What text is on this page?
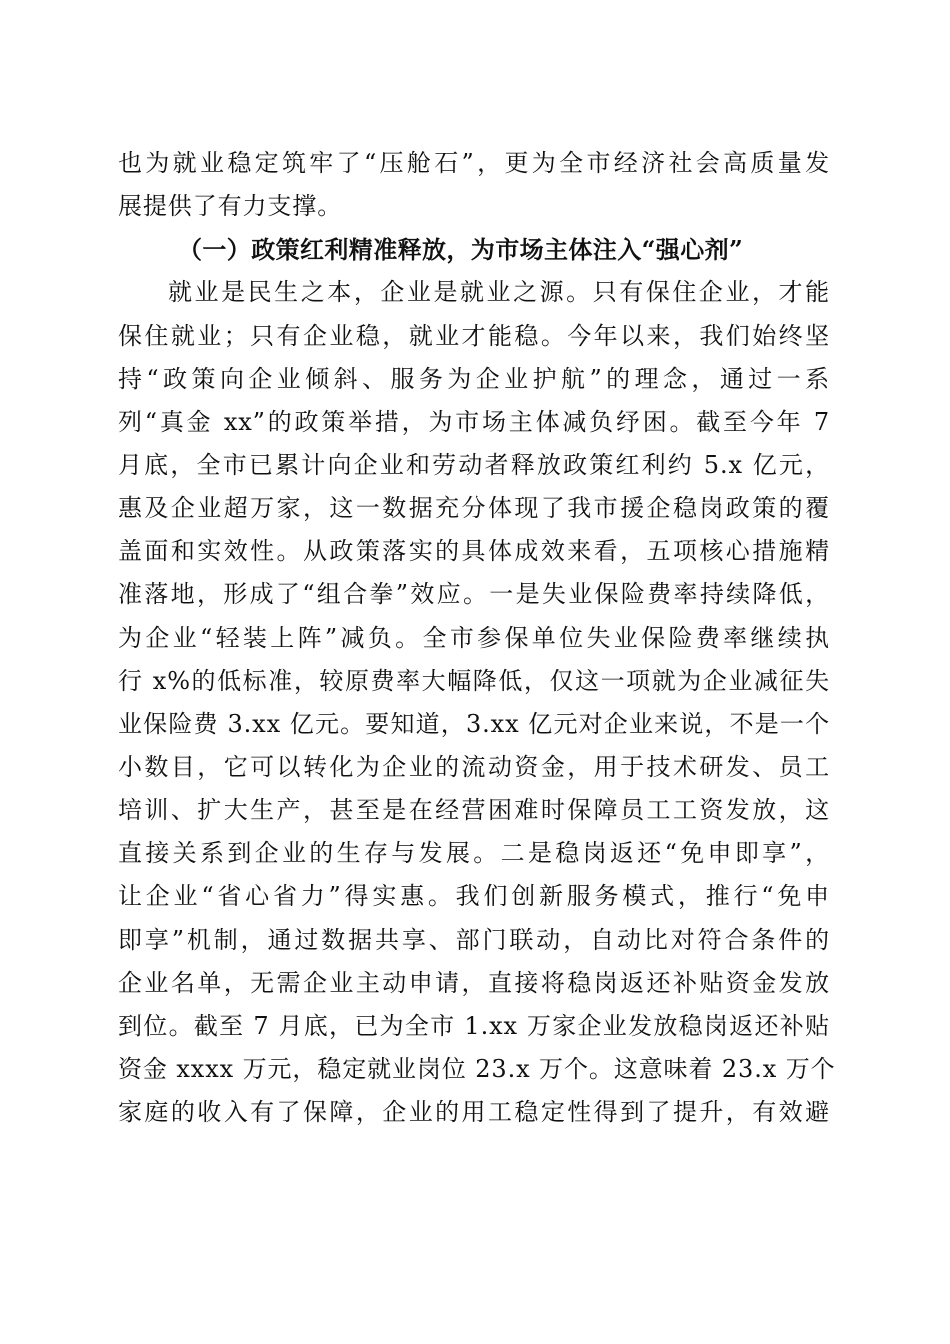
也为就业稳定筑牢了“压舱石”，更为全市经济社会高质量发
展提供了有力支撑。
（一）政策红利精准释放，为市场主体注入“强心剂”
就业是民生之本，企业是就业之源。只有保住企业，才能
保住就业；只有企业稳，就业才能稳。今年以来，我们始终坚
持“政策向企业倾斜、服务为企业护航”的理念，通过一系
列“真金 xx”的政策举措，为市场主体减负纾困。截至今年 7
月底，全市已累计向企业和劳动者释放政策红利约 5.x 亿元，
惠及企业超万家，这一数据充分体现了我市援企稳岗政策的覆
盖面和实效性。从政策落实的具体成效来看，五项核心措施精
准落地，形成了“组合拳”效应。一是失业保险费率持续降低，
为企业“轻装上阵”减负。全市参保单位失业保险费率继续执
行 x%的低标准，较原费率大幅降低，仅这一项就为企业减征失
业保险费 3.xx 亿元。要知道，3.xx 亿元对企业来说，不是一个
小数目，它可以转化为企业的流动资金，用于技术研发、员工
培训、扩大生产，甚至是在经营困难时保障员工工资发放，这
直接关系到企业的生存与发展。二是稳岗返还“免申即享”，
让企业“省心省力”得实惠。我们创新服务模式，推行“免申
即享”机制，通过数据共享、部门联动，自动比对符合条件的
企业名单，无需企业主动申请，直接将稳岗返还补贴资金发放
到位。截至 7 月底，已为全市 1.xx 万家企业发放稳岗返还补贴
资金 xxxx 万元，稳定就业岗位 23.x 万个。这意味着 23.x 万个
家庭的收入有了保障，企业的用工稳定性得到了提升，有效避
